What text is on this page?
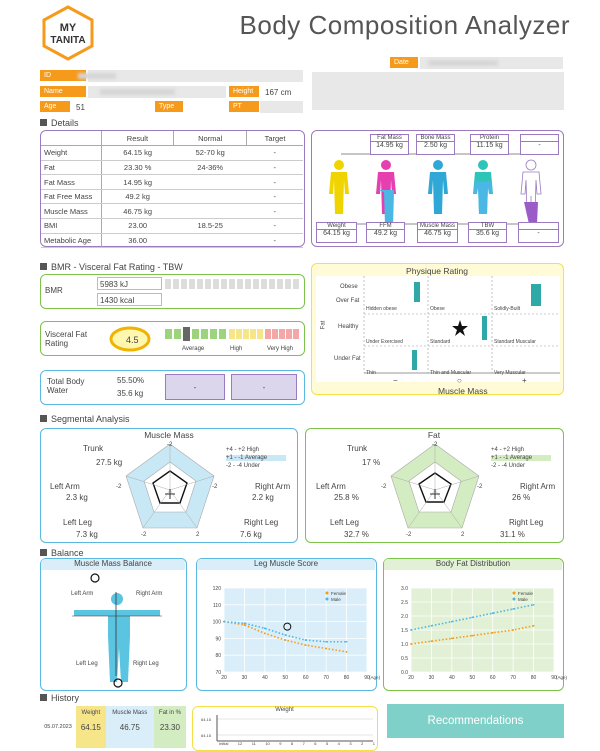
MY
TANITA
Body Composition Analyzer
Date
ID
Name	Height	167 cm
Age	51	Type	PT
Details
	Result	Normal	Target
Weight	64.15 kg	52-70 kg	-
Fat	23.30 %	24-36%	-
Fat Mass	14.95 kg		-
Fat Free Mass	49.2 kg		-
Muscle Mass	46.75 kg		-
BMI	23.00	18.5-25	-
Metabolic Age	36.00		-
Fat Mass
14.95 kg
Bone Mass
2.50 kg
Protein
11.15 kg	-
Weight
64.15 kg
FFM
49.2 kg
Muscle Mass
46.75 kg
TBW
35.6 kg	-
BMR - Visceral Fat Rating - TBW
BMR
5983 kJ
1430 kcal
Visceral Fat Rating	4.5
Average	High	Very High
Total Body Water
55.50%
35.6 kg
-	-
Physique Rating
Obese
Over Fat
Healthy
Under Fat
Fat
Hidden obese	Obese	Solidly-Built
Under Exercised	Standard	Standard Muscular
Thin	Thin and Muscular	Very Muscular
−	○	+
Muscle Mass
Segmental Analysis
Muscle Mass
-2
-2
2
-2
-2
Trunk
27.5 kg
Left Arm
2.3 kg
Right Arm
2.2 kg
Left Leg
7.3 kg
Right Leg
7.6 kg
+4 - +2 High
+1 - -1 Average
-2 - -4 Under
Fat
-2
-2
2
-2
-2
Trunk
17 %
Left Arm
25.8 %
Right Arm
26 %
Left Leg
32.7 %
Right Leg
31.1 %
+4 - +2 High
+1 - -1 Average
-2 - -4 Under
Balance
Muscle Mass Balance
Left Arm	Right Arm
Left Leg	Right Leg
Leg Muscle Score
70
80
90
100
110
120
20	30	40	50	60	70	80	90 (Age)
Female
Male
Body Fat Distribution
0.0
0.5
1.0
1.5
2.0
2.5
3.0
20	30	40	50	60	70	80	90 (Age)
Female
Male
History
	Weight	Muscle Mass	Fat in %
05.07.2023	64.15	46.75	23.30

Weight
64.15
64.15
Initial 12 11 10 9 8 7 6 5 4 3 2 1
Recommendations
